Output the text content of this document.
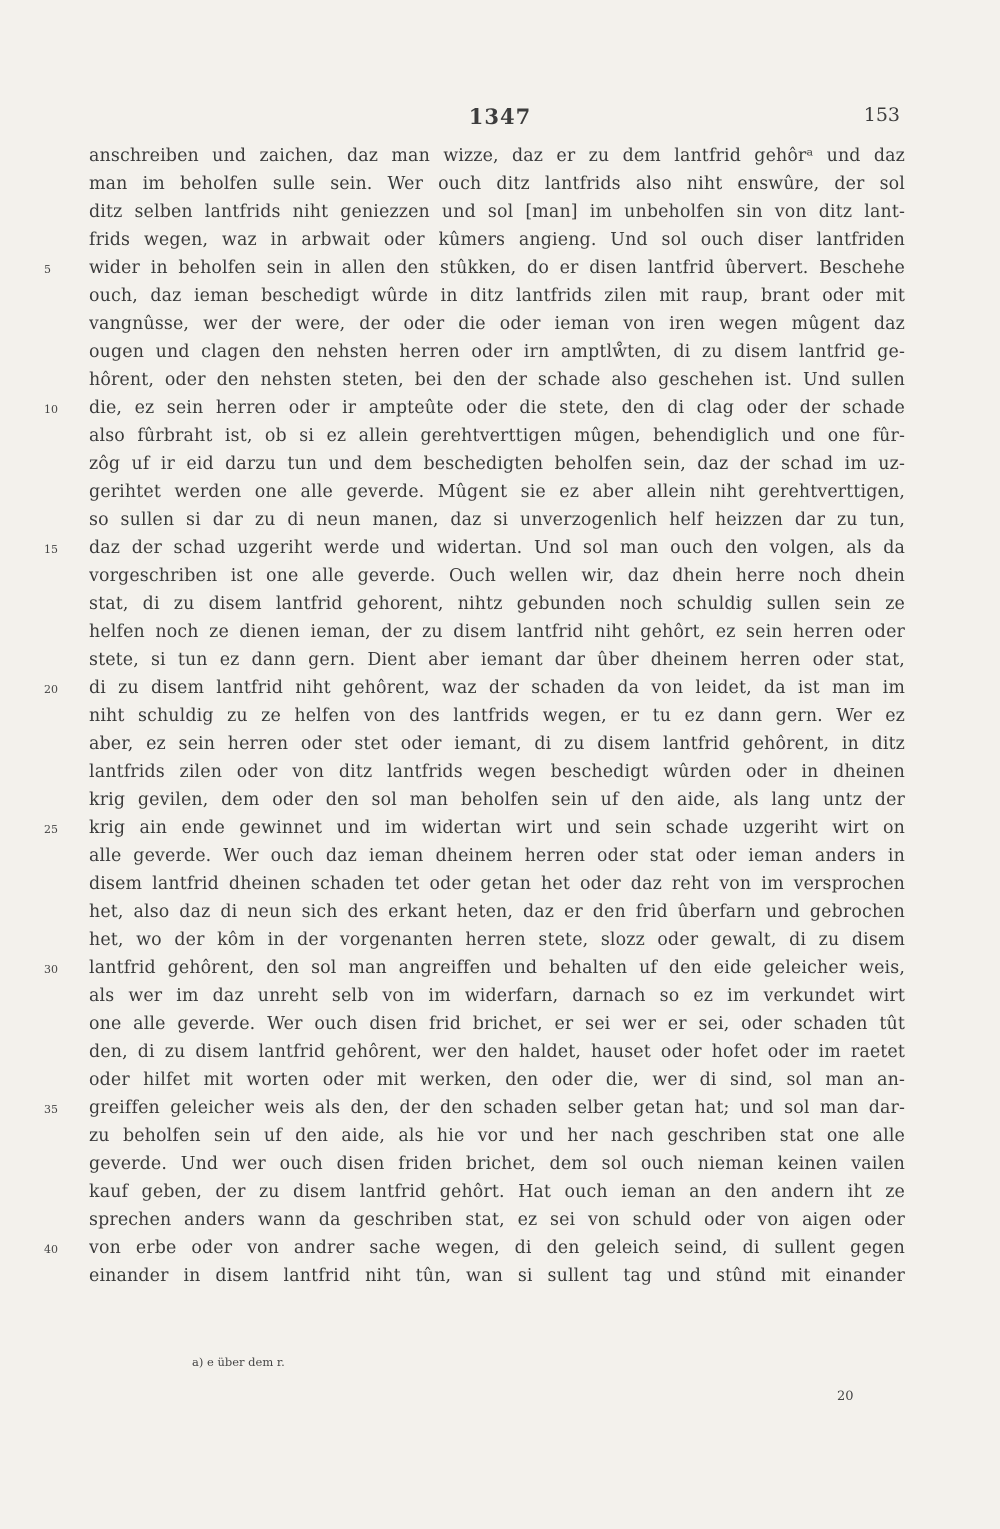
1347	153
anschreiben und zaichen, daz man wizze, daz er zu dem lantfrid gehôrᵃ und daz
man im beholfen sulle sein. Wer ouch ditz lantfrids also niht enswûre, der sol
ditz selben lantfrids niht geniezzen und sol [man] im unbeholfen sin von ditz lant-
frids wegen, waz in arbwait oder kûmers angieng. Und sol ouch diser lantfriden
5	wider in beholfen sein in allen den stûkken, do er disen lantfrid ûbervert. Beschehe
ouch, daz ieman beschedigt wûrde in ditz lantfrids zilen mit raup, brant oder mit
vangnûsse, wer der were, der oder die oder ieman von iren wegen mûgent daz
ougen und clagen den nehsten herren oder irn amptlẘten, di zu disem lantfrid ge-
hôrent, oder den nehsten steten, bei den der schade also geschehen ist. Und sullen
10	die, ez sein herren oder ir ampteûte oder die stete, den di clag oder der schade
also fûrbraht ist, ob si ez allein gerehtverttigen mûgen, behendiglich und one fûr-
zôg uf ir eid darzu tun und dem beschedigten beholfen sein, daz der schad im uz-
gerihtet werden one alle geverde. Mûgent sie ez aber allein niht gerehtverttigen,
so sullen si dar zu di neun manen, daz si unverzogenlich helf heizzen dar zu tun,
15	daz der schad uzgeriht werde und widertan. Und sol man ouch den volgen, als da
vorgeschriben ist one alle geverde. Ouch wellen wir, daz dhein herre noch dhein
stat, di zu disem lantfrid gehorent, nihtz gebunden noch schuldig sullen sein ze
helfen noch ze dienen ieman, der zu disem lantfrid niht gehôrt, ez sein herren oder
stete, si tun ez dann gern. Dient aber iemant dar ûber dheinem herren oder stat,
20	di zu disem lantfrid niht gehôrent, waz der schaden da von leidet, da ist man im
niht schuldig zu ze helfen von des lantfrids wegen, er tu ez dann gern. Wer ez
aber, ez sein herren oder stet oder iemant, di zu disem lantfrid gehôrent, in ditz
lantfrids zilen oder von ditz lantfrids wegen beschedigt wûrden oder in dheinen
krig gevilen, dem oder den sol man beholfen sein uf den aide, als lang untz der
25	krig ain ende gewinnet und im widertan wirt und sein schade uzgeriht wirt on
alle geverde. Wer ouch daz ieman dheinem herren oder stat oder ieman anders in
disem lantfrid dheinen schaden tet oder getan het oder daz reht von im versprochen
het, also daz di neun sich des erkant heten, daz er den frid ûberfarn und gebrochen
het, wo der kôm in der vorgenanten herren stete, slozz oder gewalt, di zu disem
30	lantfrid gehôrent, den sol man angreiffen und behalten uf den eide geleicher weis,
als wer im daz unreht selb von im widerfarn, darnach so ez im verkundet wirt
one alle geverde. Wer ouch disen frid brichet, er sei wer er sei, oder schaden tût
den, di zu disem lantfrid gehôrent, wer den haldet, hauset oder hofet oder im raetet
oder hilfet mit worten oder mit werken, den oder die, wer di sind, sol man an-
35	greiffen geleicher weis als den, der den schaden selber getan hat; und sol man dar-
zu beholfen sein uf den aide, als hie vor und her nach geschriben stat one alle
geverde. Und wer ouch disen friden brichet, dem sol ouch nieman keinen vailen
kauf geben, der zu disem lantfrid gehôrt. Hat ouch ieman an den andern iht ze
sprechen anders wann da geschriben stat, ez sei von schuld oder von aigen oder
40	von erbe oder von andrer sache wegen, di den geleich seind, di sullent gegen
einander in disem lantfrid niht tûn, wan si sullent tag und stûnd mit einander
a) e über dem r.
20
